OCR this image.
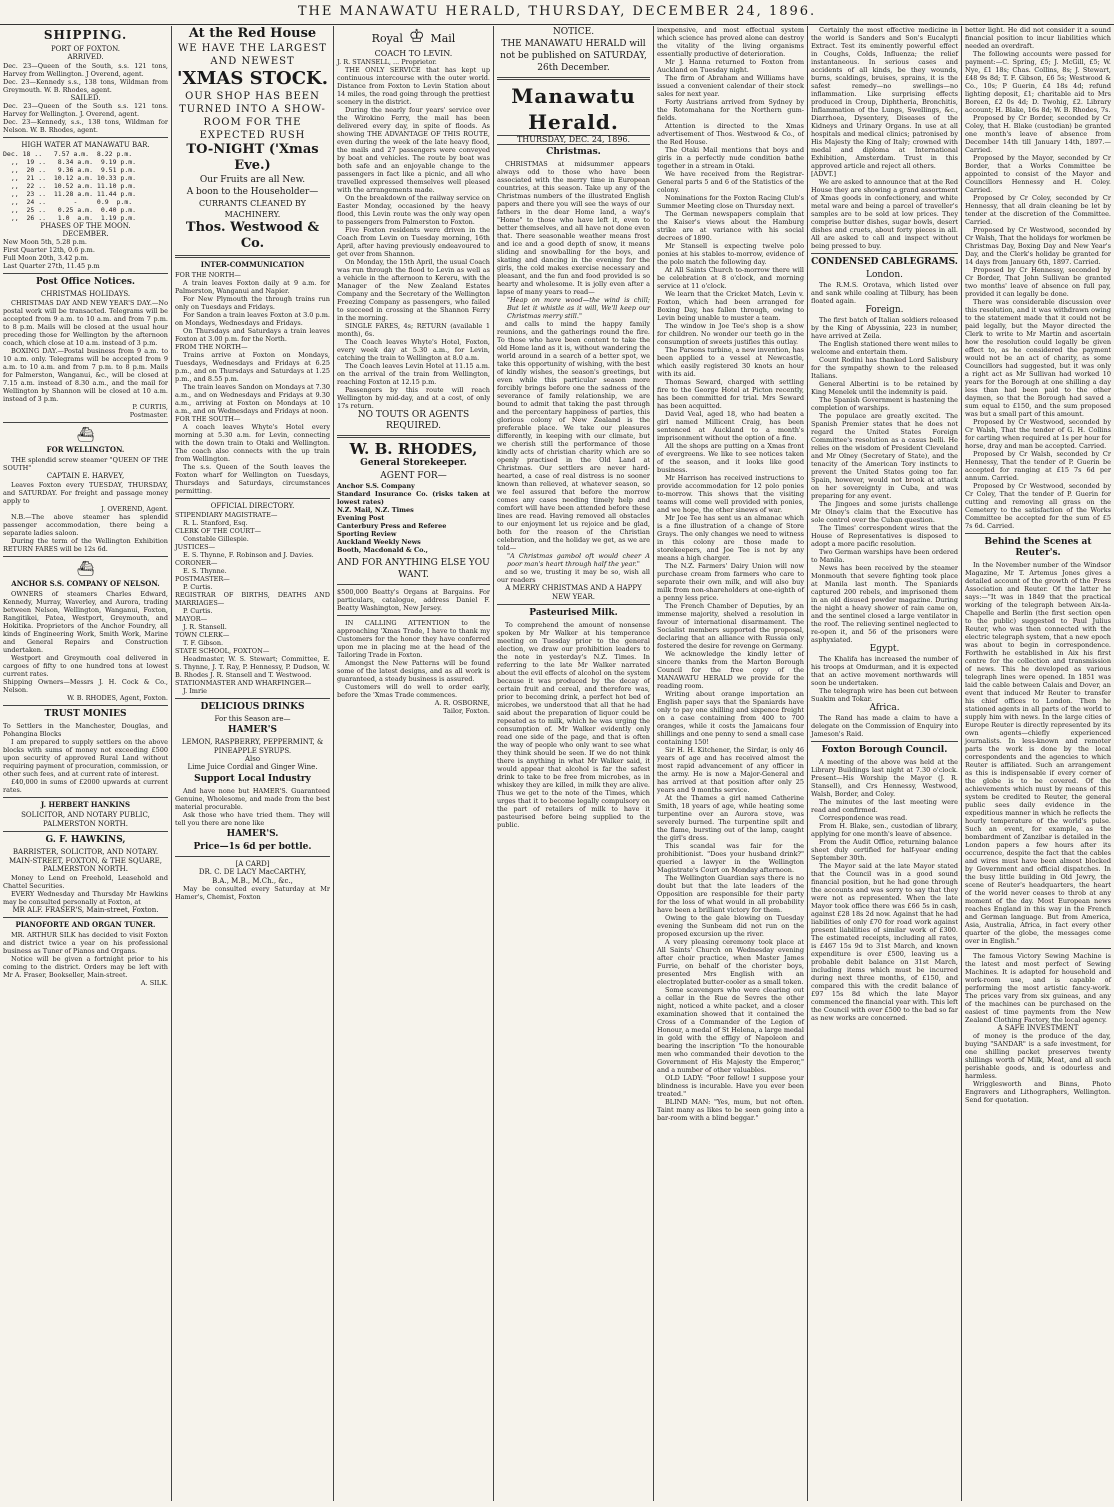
THE MANAWATU HERALD, THURSDAY, DECEMBER 24, 1896.
SHIPPING.
PORT OF FOXTON.
ARRIVED.
Dec. 23—Queen of the South, s.s. 121 tons, Harvey from Wellington. J Overend, agent.
Dec. 23—Kennedy s.s., 138 tons, Wildman from Greymouth. W. B. Rhodes, agent.
SAILED.
Dec. 23—Queen of the South s.s. 121 tons. Harvey for Wellington. J. Overend, agent.
Dec. 23—Kennedy, s.s., 138 tons, Wildman for Nelson. W. B. Rhodes, agent.
HIGH WATER AT MANAWATU BAR.
Dec. 18 ..   7.57 a.m.  8.22 p.m.
,,  19 ..   8.34 a.m.  9.19 p.m.
,,  20 ..   9.36 a.m.  9.51 p.m.
,,  21 ..  10.12 a.m. 10.33 p.m.
,,  22 ..  10.52 a.m. 11.10 p.m.
,,  23 ..  11.28 a.m. 11.44 p.m.
,,  24 ..       -     0.9  p.m.
,,  25 ..   0.25 a.m.  0.40 p.m.
,,  26 ..   1.0  a.m.  1.19 p.m.
PHASES OF THE MOON.
DECEMBER.
New Moon 5th, 5.28 p.m.
First Quarter 12th, 0.6 p.m.
Full Moon 20th, 3.42 p.m.
Last Quarter 27th, 11.45 p.m
Post Office Notices.
CHRISTMAS HOLIDAYS.
CHRISTMAS DAY AND NEW YEAR'S DAY.—No postal work will be transacted. Telegrams will be accepted from 9 a.m. to 10 a.m. and from 7 p.m. to 8 p.m. Mails will be closed at the usual hour preceding those for Wellington by the afternoon coach, which close at 10 a.m. instead of 3 p.m.
BOXING DAY.—Postal business from 9 a.m. to 10 a.m. only. Telegrams will be accepted from 9 a.m. to 10 a.m. and from 7 p.m. to 8 p.m. Mails for Palmerston, Wanganui, &c., will be closed at 7.15 a.m. instead of 8.30 a.m., and the mail for Wellington by Shannon will be closed at 10 a.m. instead of 3 p.m.
P. CURTIS,
Postmaster.
⛴
FOR WELLINGTON.
THE splendid screw steamer "QUEEN OF THE SOUTH"
CAPTAIN E. HARVEY,
Leaves Foxton every TUESDAY, THURSDAY, and SATURDAY. For freight and passage money apply to
J. OVEREND, Agent.
N.B.—The above steamer has splendid passenger accommodation, there being a separate ladies saloon.
During the term of the Wellington Exhibition RETURN FARES will be 12s 6d.
⛴
ANCHOR S.S. COMPANY OF NELSON.
OWNERS of steamers Charles Edward, Kennedy, Murray, Waverley, and Aurora, trading between Nelson, Wellington, Wanganui, Foxton, Rangitikei, Patea, Westport, Greymouth, and Hokitika. Proprietors of the Anchor Foundry, all kinds of Engineering Work, Smith Work, Marine and General Repairs and Construction undertaken.
Westport and Greymouth coal delivered in cargoes of fifty to one hundred tons at lowest current rates.
Shipping Owners—Messrs J. H. Cock & Co., Nelson.
W. B. RHODES, Agent, Foxton.
TRUST MONIES
To Settlers in the Manchester, Douglas, and Pohangina Blocks
I am prepared to supply settlers on the above blocks with sums of money not exceeding £500 upon security of approved Rural Land without requiring payment of procuration, commission, or other such fees, and at current rate of interest.
£40,000 in sums of £2000 upwards at current rates.
J. HERBERT HANKINS
SOLICITOR, AND NOTARY PUBLIC, PALMERSTON NORTH.
G. F. HAWKINS,
BARRISTER, SOLICITOR, AND NOTARY.
MAIN-STREET, FOXTON, & THE SQUARE, PALMERSTON NORTH.
Money to Lend on Freehold, Leasehold and Chattel Securities.
EVERY Wednesday and Thursday Mr Hawkins may be consulted personally at Foxton, at
MR ALF. FRASER'S, Main-street, Foxton.
PIANOFORTE AND ORGAN TUNER.
MR. ARTHUR SILK has decided to visit Foxton and district twice a year on his professional business as Tuner of Pianos and Organs.
Notice will be given a fortnight prior to his coming to the district. Orders may be left with Mr A. Fraser, Bookseller, Main-street.
A. SILK.
At the Red House
WE HAVE THE LARGEST AND NEWEST
'XMAS STOCK.
OUR SHOP HAS BEEN TURNED INTO A SHOW-ROOM FOR THE EXPECTED RUSH
TO-NIGHT ('Xmas Eve.)
Our Fruits are all New.
A boon to the Householder—
CURRANTS CLEANED BY MACHINERY.
Thos. Westwood & Co.
INTER-COMMUNICATION
FOR THE NORTH—
A train leaves Foxton daily at 9 a.m. for Palmerston, Wanganui and Napier.
For New Plymouth the through trains run only on Tuesdays and Fridays.
For Sandon a train leaves Foxton at 3.0 p.m. on Mondays, Wednesdays and Fridays.
On Thursdays and Saturdays a train leaves Foxton at 3.00 p.m. for the North.
FROM THE NORTH—
Trains arrive at Foxton on Mondays, Tuesdays, Wednesdays and Fridays at 6.25 p.m., and on Thursdays and Saturdays at 1.25 p.m., and 8.55 p.m.
The train leaves Sandon on Mondays at 7.30 a.m., and on Wednesdays and Fridays at 9.30 a.m., arriving at Foxton on Mondays at 10 a.m., and on Wednesdays and Fridays at noon.
FOR THE SOUTH—
A coach leaves Whyte's Hotel every morning at 5.30 a.m. for Levin, connecting with the down train to Otaki and Wellington. The coach also connects with the up train from Wellington.
The s.s. Queen of the South leaves the Foxton wharf for Wellington on Tuesdays, Thursdays and Saturdays, circumstances permitting.
OFFICIAL DIRECTORY.
STIPENDIARY MAGISTRATE—
R. L. Stanford, Esq.
CLERK OF THE COURT—
Constable Gillespie.
JUSTICES—
E. S. Thynne, F. Robinson and J. Davies.
CORONER—
E. S. Thynne.
POSTMASTER—
P. Curtis.
REGISTRAR OF BIRTHS, DEATHS AND MARRIAGES—
P. Curtis.
MAYOR—
J. R. Stansell.
TOWN CLERK—
T. F. Gibson.
STATE SCHOOL, FOXTON—
Headmaster, W. S. Stewart; Committee, E. S. Thynne, J. T. Ray, P. Hennessy, P. Dudson, W. B. Rhodes J. R. Stansell and T. Westwood.
STATIONMASTER AND WHARFINGER—
J. Imrie
DELICIOUS DRINKS
For this Season are—
HAMER'S
LEMON, RASPBERRY, PEPPERMINT, & PINEAPPLE SYRUPS.
Also
Lime Juice Cordial and Ginger Wine.
Support Local Industry
And have none but HAMER'S. Guaranteed Genuine, Wholesome, and made from the best material procurable.
Ask those who have tried them. They will tell you there are none like
HAMER'S.
Price—1s 6d per bottle.
[A CARD]
DR. C. DE LACY MacCARTHY,
B.A., M.B., M.Ch., &c.,
May be consulted every Saturday at Mr Hamer's, Chemist, Foxton
Royal ♔ Mail
COACH TO LEVIN.
J. R. STANSELL, ... Proprietor.
THE ONLY SERVICE that has kept up continuous intercourse with the outer world. Distance from Foxton to Levin Station about 14 miles, the road going through the prettiest scenery in the district.
During the nearly four years' service over the Wirokino Ferry, the mail has been delivered every day, in spite of floods. As showing THE ADVANTAGE OF THIS ROUTE, even during the week of the late heavy flood, the mails and 27 passengers were conveyed by boat and vehicles. The route by boat was both safe and an enjoyable change to the passengers in fact like a picnic, and all who travelled expressed themselves well pleased with the arrangements made.
On the breakdown of the railway service on Easter Monday, occasioned by the heavy flood, this Levin route was the only way open to passengers from Palmerston to Foxton.
Five Foxton residents were driven in the Coach from Levin on Tuesday morning, 16th April, after having previously endeavoured to get over from Shannon.
On Monday, the 15th April, the usual Coach was run through the flood to Levin as well as a vehicle in the afternoon to Kereru, with the Manager of the New Zealand Estates Company and the Secretary of the Wellington Freezing Company as passengers, who failed to succeed in crossing at the Shannon Ferry in the morning.
SINGLE FARES, 4s; RETURN (available 1 month), 6s.
The Coach leaves Whyte's Hotel, Foxton, every week day at 5.30 a.m., for Levin, catching the train to Wellington at 8.0 a.m.
The Coach leaves Levin Hotel at 11.15 a.m. on the arrival of the train from Wellington, reaching Foxton at 12.15 p.m.
Passengers by this route will reach Wellington by mid-day, and at a cost, of only 17s return.
NO TOUTS OR AGENTS REQUIRED.
W. B. RHODES,
General Storekeeper.
AGENT FOR—
Anchor S.S. Company
Standard Insurance Co. (risks taken at lowest rates)
N.Z. Mail, N.Z. Times
Evening Post
Canterbury Press and Referee
Sporting Review
Auckland Weekly News
Booth, Macdonald & Co.,
AND FOR ANYTHING ELSE YOU WANT.
$500,000 Beatty's Organs at Bargains. For particulars, catalogue, address Daniel F. Beatty Washington, New Jersey.
IN CALLING ATTENTION to the approaching 'Xmas Trade, I have to thank my Customers for the honor they have conferred upon me in placing me at the head of the Tailoring Trade in Foxton.
Amongst the New Patterns will be found some of the latest designs, and as all work is guaranteed, a steady business is assured.
Customers will do well to order early, before the 'Xmas Trade commences.
A. R. OSBORNE,
Tailor, Foxton.
NOTICE.
THE MANAWATU HERALD will not be published on SATURDAY, 26th December.
Manawatu Herald.
THURSDAY, DEC. 24, 1896.
Christmas.
CHRISTMAS at midsummer appears always odd to those who have been associated with the merry time in European countries, at this season. Take up any of the Christmas numbers of the illustrated English papers and there you will see the ways of our fathers in the dear Home land, a way's "Home" to those who have left it, even to better themselves, and all have not done even that. There seasonable weather means frost and ice and a good depth of snow, it means sliding and snowballing for the boys, and skating and dancing in the evening for the girls, the cold makes exercise necessary and pleasant, and the fun and food provided is so hearty and wholesome. It is jolly even after a lapse of many years to read—
"Heap on more wood—the wind is chill; But let it whistle as it will, We'll keep our Christmas merry still."
and calls to mind the happy family reunions, and the gatherings round the fire. To those who have been content to take the old Home land as it is, without wandering the world around in a search of a better spot, we take this opportunity of wishing, with the best of kindly wishes, the season's greetings, but even while this particular season more forcibly brings before one the sadness of the severance of family relationship, we are bound to admit that taking the past through and the percentary happiness of parties, this glorious colony of New Zealand is the preferable place. We take our pleasures differently, in keeping with our climate, but we cherish still the performance of those kindly acts of christian charity which are so openly practised in the Old Land at Christmas. Our settlers are never hard-hearted, a case of real distress is no sooner known than relieved, at whatever season, so we feel assured that before the morrow comes any cases needing timely help and comfort will have been attended before these lines are read. Having removed all obstacles to our enjoyment let us rejoice and be glad, both for the reason of the Christian celebration, and the holiday we get, as we are told—
"A Christmas gambol oft would cheer A poor man's heart through half the year."
and so we, trusting it may be so, wish all our readers
A MERRY CHRISTMAS AND A HAPPY NEW YEAR.
Pasteurised Milk.
To comprehend the amount of nonsense spoken by Mr Walker at his temperance meeting on Tuesday prior to the general election, we draw our prohibition leaders to the note in yesterday's N.Z. Times. In referring to the late Mr Walker narrated about the evil effects of alcohol on the system because it was produced by the decay of certain fruit and cereal, and therefore was, prior to becoming drink, a perfect hot bed of microbes, we understood that all that he had said about the preparation of liquor could be repeated as to milk, which he was urging the consumption of. Mr Walker evidently only read one side of the page, and that is often the way of people who only want to see what they think should be seen. If we do not think there is anything in what Mr Walker said, it would appear that alcohol is far the safest drink to take to be free from microbes, as in whiskey they are killed, in milk they are alive. Thus we get to the note of the Times, which urges that it to become legally compulsory on the part of retailers of milk to have it pasteurised before being supplied to the public.
inexpensive, and most effectual system which science has proved alone can destroy the vitality of the living organisms essentially productive of deterioration.
Mr J. Hanna returned to Foxton from Auckland on Tuesday night.
The firm of Abraham and Williams have issued a convenient calendar of their stock sales for next year.
Forty Austrians arrived from Sydney by the Rotomahana for the Northern gum-fields.
Attention is directed to the Xmas advertisement of Thos. Westwood & Co., of the Red House.
The Otaki Mail mentions that boys and girls in a perfectly nude condition bathe together in a stream in Otaki.
We have received from the Registrar-General parts 5 and 6 of the Statistics of the colony.
Nominations for the Foxton Racing Club's Summer Meeting close on Thursday next.
The German newspapers complain that the Kaiser's views about the Hamburg strike are at variance with his social decrees of 1890.
Mr Stansell is expecting twelve polo ponies at his stables to-morrow, evidence of the polo match the following day.
At All Saints Church to-morrow there will be celebration at 8 o'clock, and morning service at 11 o'clock.
We learn that the Cricket Match, Levin v. Foxton, which had been arranged for Boxing Day, has fallen through, owing to Levin being unable to muster a team.
The window in Joe Tee's shop is a show for children. No wonder our teeth go in the consumption of sweets justifies this outlay.
The Parsons turbine, a new invention, has been applied to a vessel at Newcastle, which easily registered 30 knots an hour with its aid.
Thomas Seward, charged with settling fire to the George Hotel at Picton recently, has been committed for trial. Mrs Seward has been acquitted.
David Veal, aged 18, who had beaten a girl named Millicent Craig, has been sentenced at Auckland to a month's imprisonment without the option of a fine.
All the shops are putting on a Xmas front of evergreens. We like to see notices taken of the season, and it looks like good business.
Mr Harrison has received instructions to provide accommodation for 12 polo ponies to-morrow. This shows that the visiting teams will come well provided with ponies, and we hope, the other sinews of war.
Mr Joe Tee has sent us an almanac which is a fine illustration of a change of Store Grays. The only changes we need to witness in this colony are those made to storekeepers, and Joe Tee is not by any means a high charger.
The N.Z. Farmers' Dairy Union will now purchase cream from farmers who care to separate their own milk, and will also buy milk from non-shareholders at one-eighth of a penny less price.
The French Chamber of Deputies, by an immense majority, shelved a resolution in favour of international disarmament. The Socialist members supported the proposal, declaring that an alliance with Russia only fostered the desire for revenge on Germany.
We acknowledge the kindly letter of sincere thanks from the Marton Borough Council for the free copy of the MANAWATU HERALD we provide for the reading room.
Writing about orange importation an English paper says that the Spaniards have only to pay one shilling and sixpence freight on a case containing from 400 to 700 oranges, while it costs the Jamaicans four shillings and one penny to send a small case containing 150!
Sir H. H. Kitchener, the Sirdar, is only 46 years of age and has received almost the most rapid advancement of any officer in the army. He is now a Major-General and has arrived at that position after only 25 years and 9 months service.
At the Thames a girl named Catherine Smith, 18 years of age, while heating some turpentine over an Aurora stove, was severely burned. The turpentine spilt and the flame, bursting out of the lamp, caught the girl's dress.
This scandal was fair for the prohibitionist. "Does your husband drink?" queried a lawyer in the Wellington Magistrate's Court on Monday afternoon.
The Wellington Guardian says there is no doubt but that the late leaders of the Opposition are responsible for their party for the loss of what would in all probability have been a brilliant victory for them.
Owing to the gale blowing on Tuesday evening the Sunbeam did not run on the proposed excursion up the river.
A very pleasing ceremony took place at All Saints' Church on Wednesday evening after choir practice, when Master James Furrie, on behalf of the chorister boys, presented Mrs English with an electroplated butter-cooler as a small token.
Some scavengers who were clearing out a cellar in the Rue de Sevres the other night, noticed a white packet, and a closer examination showed that it contained the Cross of a Commander of the Legion of Honour, a medal of St Helena, a large medal in gold with the effigy of Napoleon and bearing the inscription "To the honourable men who commanded their devotion to the Government of His Majesty the Emperor," and a number of other valuables.
OLD LADY: "Poor fellow! I suppose your blindness is incurable. Have you ever been treated."
BLIND MAN: "Yes, mum, but not often. Taint many as likes to be seen going into a bar-room with a blind beggar."
Certainly the most effective medicine in the world is Sanders and Son's Eucalypti Extract. Test its eminently powerful effect in Coughs, Colds, Influenza; the relief instantaneous. In serious cases and accidents of all kinds, be they wounds, burns, scaldings, bruises, sprains, it is the safest remedy—no swellings—no inflammation. Like surprising effects produced in Croup, Diphtheria, Bronchitis, Inflammation of the Lungs, Swellings, &c., Diarrhoea, Dysentery, Diseases of the Kidneys and Urinary Organs. In use at all hospitals and medical clinics; patronised by His Majesty the King of Italy; crowned with medal and diploma at International Exhibition, Amsterdam. Trust in this approved article and reject all others.
[ADVT.]
We are asked to announce that at the Red House they are showing a grand assortment of Xmas goods in confectionery, and white metal ware and being a parcel of traveller's samples are to be sold at low prices. They comprise butter dishes, sugar bowls, desert dishes and cruets, about forty pieces in all. All are asked to call and inspect without being pressed to buy.
CONDENSED CABLEGRAMS.
London.
The R.M.S. Orotava, which listed over and sank while coaling at Tilbury, has been floated again.
Foreign.
The first batch of Italian soldiers released by the King of Abyssinia, 223 in number, have arrived at Zeila.
The English stationed there went miles to welcome and entertain them.
Count Rodini has thanked Lord Salisbury for the sympathy shown to the released Italians.
General Albertini is to be retained by King Menelek until the indemnity is paid.
The Spanish Government is hastening the completion of warships.
The populace are greatly excited. The Spanish Premier states that he does not regard the United States Foreign Committee's resolution as a casus belli. He relies on the wisdom of President Cleveland and Mr Olney (Secretary of State), and the tenacity of the American Tory instincts to prevent the United States going too far. Spain, however, would not brook at attack on her sovereignty in Cuba, and was preparing for any event.
The Jingoes and some jurists challenge Mr Olney's claim that the Executive has sole control over the Cuban question.
The Times' correspondent wires that the House of Representatives is disposed to adopt a more pacific resolution.
Two German warships have been ordered to Manila.
News has been received by the steamer Monmouth that severe fighting took place at Manila last month. The Spaniards captured 200 rebels, and imprisoned them in an old disused powder magazine. During the night a heavy shower of rain came on, and the sentinel closed a large ventilator in the roof. The relieving sentinel neglected to re-open it, and 56 of the prisoners were asphyxiated.
Egypt.
The Khalifa has increased the number of his troops at Omdurman, and it is expected that an active movement northwards will soon be undertaken.
The telegraph wire has been cut between Suakim and Tokar.
Africa.
The Rand has made a claim to have a delegate on the Commission of Enquiry into Jameson's Raid.
Foxton Borough Council.
A meeting of the above was held at the Library Buildings last night at 7.30 o'clock. Present—His Worship the Mayor (J. R. Stansell), and Crs Hennessy, Westwood, Walsh, Border, and Coley.
The minutes of the last meeting were read and confirmed.
Correspondence was read.
From H. Blake, sen., custodian of library, applying for one month's leave of absence.
From the Audit Office, returning balance sheet duly certified for half-year ending September 30th.
The Mayor said at the late Mayor stated that the Council was in a good sound financial position, but he had gone through the accounts and was sorry to say that they were not as represented. When the late Mayor took office there was £66 5s in cash, against £28 18s 2d now. Against that he had liabilities of only £70 for road work against present liabilities of similar work of £300. The estimated receipts, including all rates, is £467 15s 9d to 31st March, and known expenditure is over £500, leaving us a probable debit balance on 31st March, including items which must be incurred during next three months, of £150, and compared this with the credit balance of £97 15s 8d which the late Mayor commenced the financial year with. This left the Council with over £500 to the bad so far as new works are concerned.
better light. He did not consider it a sound financial position to incur liabilities which needed an overdraft.
The following accounts were passed for payment:—C. Spring, £5; J. McGill, £5; W. Nye, £1 18s; Chas. Collins, 8s; J. Stewart, £48 9s 8d; T. F. Gibson, £6 5s; Westwood & Co., 10s; P Guerin, £4 18s 4d; refund lighting deposit, £1; charitable aid to Mrs Boreen, £2 0s 4d; D. Twohig, £2. Library account; H. Blake, 16s 8d; W. B. Rhodes, 7s.
Proposed by Cr Border, seconded by Cr Coley, that H. Blake (custodian) be granted one month's leave of absence from December 14th till January 14th, 1897.—Carried.
Proposed by the Mayor, seconded by Cr Border, that a Works Committee be appointed to consist of the Mayor and Councillors Hennessy and H. Coley. Carried.
Proposed by Cr Coley, seconded by Cr Hennessy, that all drain cleaning be let by tender at the discretion of the Committee. Carried.
Proposed by Cr Westwood, seconded by Cr Walsh, That the holidays for workmen be Christmas Day, Boxing Day and New Year's Day, and the Clerk's holiday be granted for 14 days from January 6th, 1897. Carried.
Proposed by Cr Hennessy, seconded by Cr Border, That John Sullivan be granted two months' leave of absence on full pay, provided it can legally be done.
There was considerable discussion over this resolution, and it was withdrawn owing to the statement made that it could not be paid legally, but the Mayor directed the Clerk to write to Mr Martin and ascertain how the resolution could legally be given effect to, as he considered the payment would not be an act of charity, as some Councillors had suggested, but it was only a right act as Mr Sullivan had worked 10 years for the Borough at one shilling a day less than had been paid to the other daymen, so that the Borough had saved a sum equal to £150, and the sum proposed was but a small part of this amount.
Proposed by Cr Westwood, seconded by Cr Walsh, That the tender of G. H. Collins for carting when required at 1s per hour for horse, dray and man be accepted. Carried.
Proposed by Cr Walsh, seconded by Cr Hennessy, That the tender of P. Guerin be accepted for ranging at £15 7s 6d per annum. Carried.
Proposed by Cr Westwood, seconded by Cr Coley, That the tender of P. Guerin for cutting and removing all grass on the Cemetery to the satisfaction of the Works Committee be accepted for the sum of £5 7s 6d. Carried.
Behind the Scenes at Reuter's.
In the November number of the Windsor Magazine, Mr T. Artemus Jones gives a detailed account of the growth of the Press Association and Reuter. Of the latter he says:—"It was in 1849 that the practical working of the telegraph between Aix-la-Chapelle and Berlin (the first section open to the public) suggested to Paul Julius Reuter, who was then connected with the electric telegraph system, that a new epoch was about to begin in correspondence. Forthwith he established in Aix his first centre for the collection and transmission of news. This he developed as various telegraph lines were opened. In 1851 was laid the cable between Calais and Dover, an event that induced Mr Reuter to transfer his chief offices to London. Then he stationed agents in all parts of the world to supply him with news. In the large cities of Europe Reuter is directly represented by its own agents—chiefly experienced journalists. In less-known and remoter parts the work is done by the local correspondents and the agencies to which Reuter is affiliated. Such an arrangement as this is indispensable if every corner of the globe is to be covered. Of the achievements which must by means of this system be credited to Reuter, the general public sees daily evidence in the expeditious manner in which he reflects the hourly temperature of the world's pulse. Such an event, for example, as the bombardment of Zanzibar is detailed in the London papers a few hours after its occurrence, despite the fact that the cables and wires must have been almost blocked by Government and official dispatches. In the busy little building in Old Jewry, the scene of Reuter's headquarters, the heart of the world never ceases to throb at any moment of the day. Most European news reaches England in this way in the French and German language. But from America, Asia, Australia, Africa, in fact every other quarter of the globe, the messages come over in English."
The famous Victory Sewing Machine is the latest and most perfect of Sewing Machines. It is adapted for household and work-room use, and is capable of performing the most artistic fancy-work. The prices vary from six guineas, and any of the machines can be purchased on the easiest of time payments from the New Zealand Clothing Factory, the local agency.
A SAFE INVESTMENT
of money is the produce of the day, buying "SANDAR" is a safe investment, for one shilling packet preserves twenty shillings worth of Milk, Meat, and all such perishable goods, and is odourless and harmless.
Wrigglesworth and Binns, Photo Engravers and Lithographers, Wellington. Send for quotation.
